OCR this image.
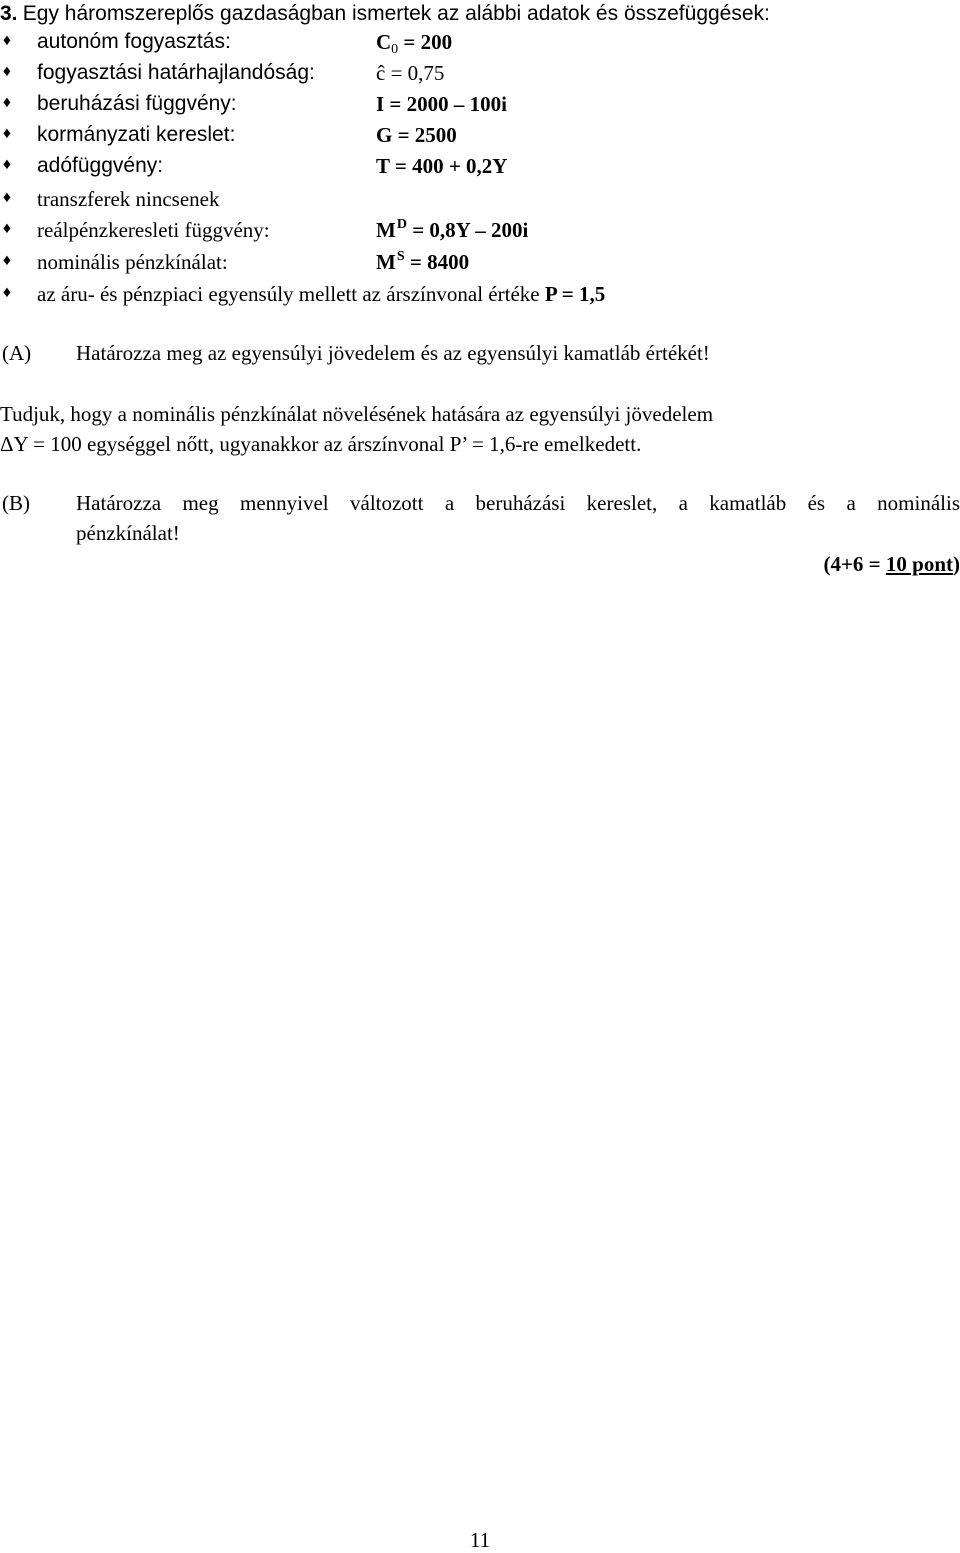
3. Egy háromszereplős gazdaságban ismertek az alábbi adatok és összefüggések:
♦ autonóm fogyasztás:	C0 = 200
♦ fogyasztási határhajlandóság:	ĉ = 0,75
♦ beruházási függvény:	I = 2000 – 100i
♦ kormányzati kereslet:	G = 2500
♦ adófüggvény:	T = 400 + 0,2Y
♦ transzferek nincsenek
♦ reálpénzkeresleti függvény:	$M^D = 0,8Y - 200i$
♦ nominális pénzkínálat:	$M^S = 8400$
♦ az áru- és pénzpiaci egyensúly mellett az árszínvonal értéke P = 1,5
(A) Határozza meg az egyensúlyi jövedelem és az egyensúlyi kamatláb értékét!
Tudjuk, hogy a nominális pénzkínálat növelésének hatására az egyensúlyi jövedelem
ΔY = 100 egységgel nőtt, ugyanakkor az árszínvonal P’ = 1,6-re emelkedett.
(B) Határozza meg mennyivel változott a beruházási kereslet, a kamatláb és a nominális
pénzkínálat!
(4+6 = 10 pont)
11
